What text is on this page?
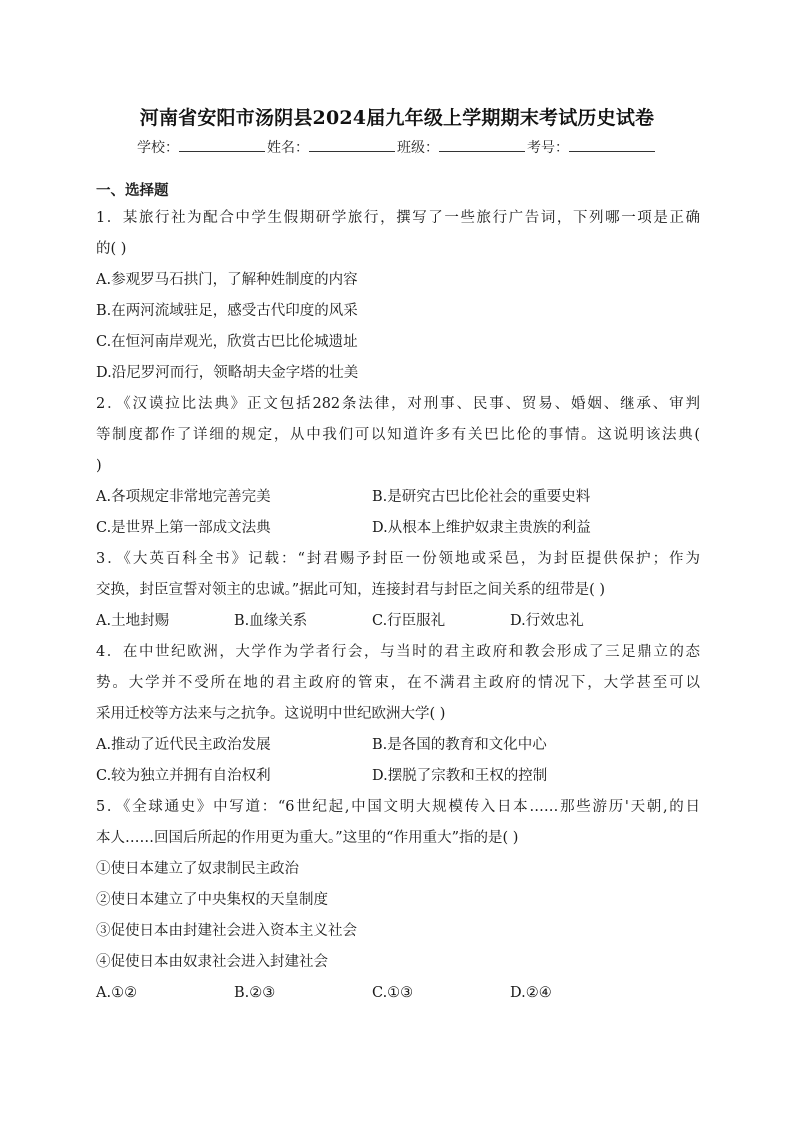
河南省安阳市汤阴县2024届九年级上学期期末考试历史试卷
学校：	姓名：	班级：	考号：
一、选择题
1．某旅行社为配合中学生假期研学旅行，撰写了一些旅行广告词，下列哪一项是正确
的( )
A.参观罗马石拱门，了解种姓制度的内容
B.在两河流域驻足，感受古代印度的风采
C.在恒河南岸观光，欣赏古巴比伦城遗址
D.沿尼罗河而行，领略胡夫金字塔的壮美
2．《汉谟拉比法典》正文包括282条法律，对刑事、民事、贸易、婚姻、继承、审判
等制度都作了详细的规定，从中我们可以知道许多有关巴比伦的事情。这说明该法典(
)
A.各项规定非常地完善完美	B.是研究古巴比伦社会的重要史料
C.是世界上第一部成文法典	D.从根本上维护奴隶主贵族的利益
3．《大英百科全书》记载：“封君赐予封臣一份领地或采邑，为封臣提供保护；作为
交换，封臣宣誓对领主的忠诚。”据此可知，连接封君与封臣之间关系的纽带是( )
A.土地封赐	B.血缘关系	C.行臣服礼	D.行效忠礼
4．在中世纪欧洲，大学作为学者行会，与当时的君主政府和教会形成了三足鼎立的态
势。大学并不受所在地的君主政府的管束，在不满君主政府的情况下，大学甚至可以
采用迁校等方法来与之抗争。这说明中世纪欧洲大学( )
A.推动了近代民主政治发展	B.是各国的教育和文化中心
C.较为独立并拥有自治权利	D.摆脱了宗教和王权的控制
5．《全球通史》中写道：“6世纪起,中国文明大规模传入日本……那些游历'天朝,的日
本人……回国后所起的作用更为重大。”这里的“作用重大”指的是( )
①使日本建立了奴隶制民主政治
②使日本建立了中央集权的天皇制度
③促使日本由封建社会进入资本主义社会
④促使日本由奴隶社会进入封建社会
A.①②	B.②③	C.①③	D.②④
